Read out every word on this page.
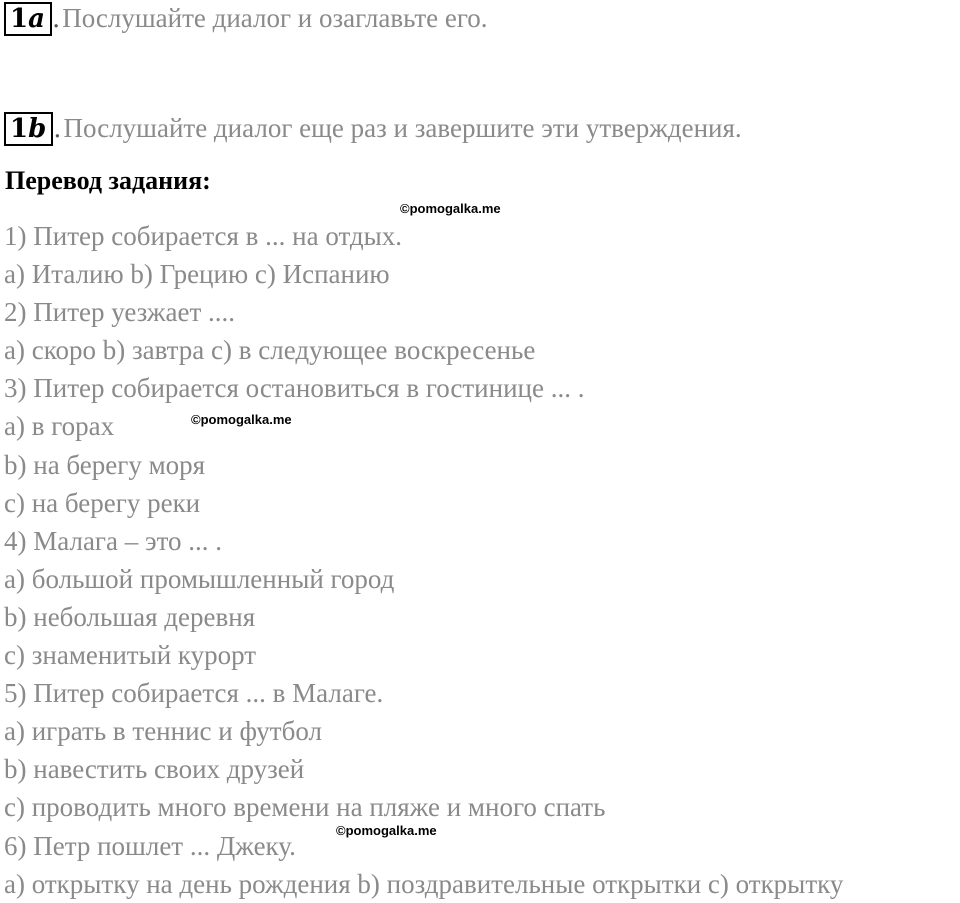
1a . Послушайте диалог и озаглавьте его.
1b . Послушайте диалог еще раз и завершите эти утверждения.
Перевод задания:
1) Питер собирается в ... на отдых.
a) Италию b) Грецию c) Испанию
2) Питер уезжает ....
a) скоро b) завтра c) в следующее воскресенье
3) Питер собирается остановиться в гостинице ... .
a) в горах
b) на берегу моря
c) на берегу реки
4) Малага – это ... .
a) большой промышленный город
b) небольшая деревня
c) знаменитый курорт
5) Питер собирается ... в Малаге.
a) играть в теннис и футбол
b) навестить своих друзей
c) проводить много времени на пляже и много спать
6) Петр пошлет ... Джеку.
a) открытку на день рождения b) поздравительные открытки c) открытку
©pomogalka.me
©pomogalka.me
©pomogalka.me
